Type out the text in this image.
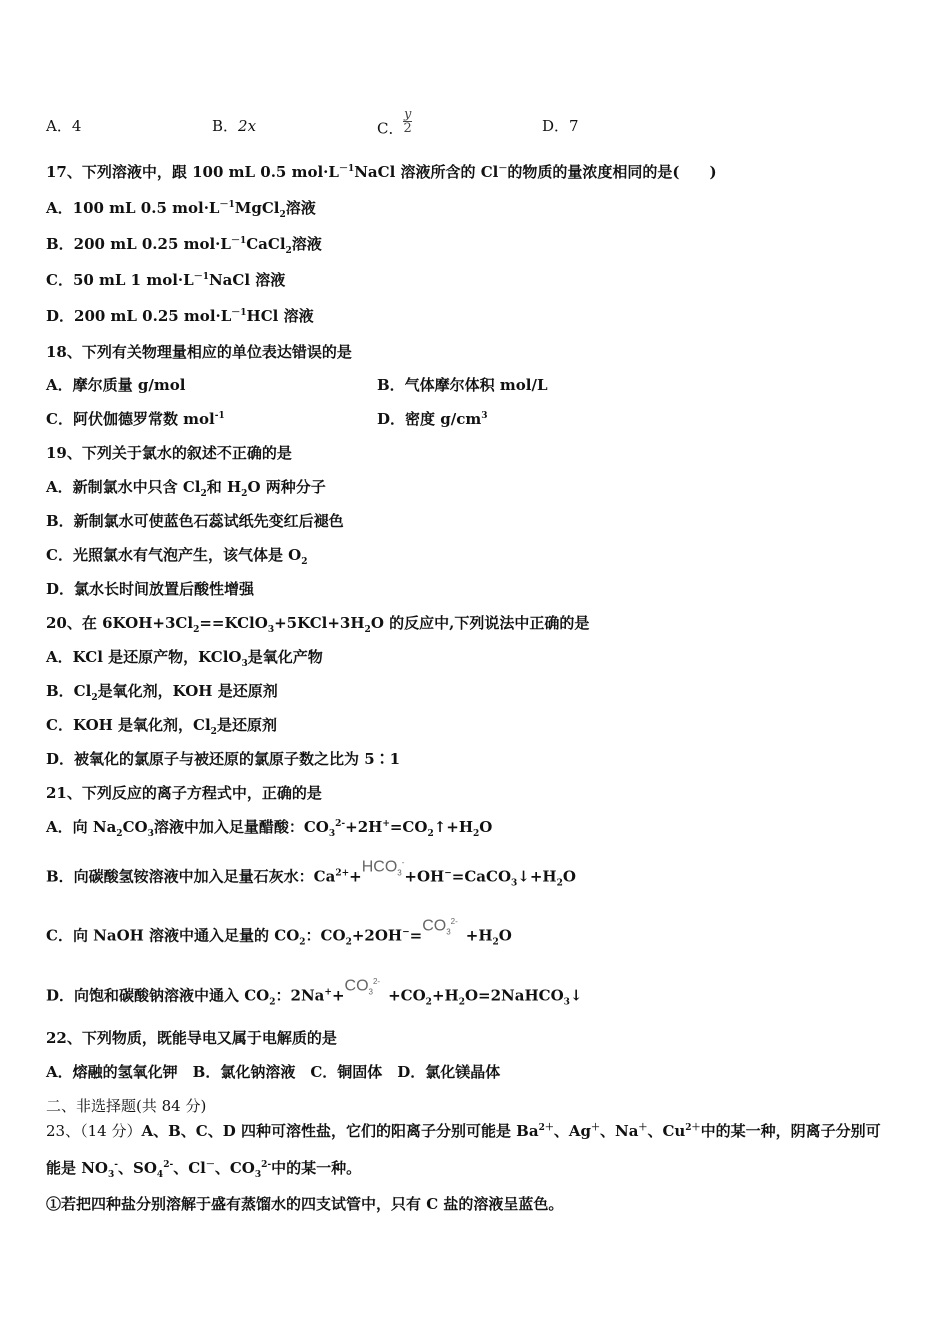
A．4	B．2x	C．$\frac{y}{2}$	D．7
17、下列溶液中，跟 100 mL 0.5 $mol\cdot L^{-1}NaCl$ 溶液所含的 Cl－的物质的量浓度相同的是(　　)
A．100 mL 0.5 $mol\cdot L^{-1}MgCl_2$溶液
B．200 mL 0.25 $mol\cdot L^{-1}CaCl_2$溶液
C．50 mL 1 $mol\cdot L^{-1}NaCl$ 溶液
D．200 mL 0.25 $mol\cdot L^{-1}HCl$ 溶液
18、下列有关物理量相应的单位表达错误的是
A．摩尔质量 g/mol	B．气体摩尔体积 mol/L
C．阿伏伽德罗常数 mol$^{-1}$	D．密度 $g/cm^3$
19、下列关于氯水的叙述不正确的是
A．新制氯水中只含 $Cl_2$和 $H_2O$ 两种分子
B．新制氯水可使蓝色石蕊试纸先变红后褪色
C．光照氯水有气泡产生，该气体是 $O_2$
D．氯水长时间放置后酸性增强
20、在 $6KOH+3Cl_2==KClO_3+5KCl+3H_2O$ 的反应中,下列说法中正确的是
A．KCl 是还原产物，KClO$_3$是氧化产物
B．$Cl_2$是氧化剂，KOH 是还原剂
C．KOH 是氧化剂，$Cl_2$是还原剂
D．被氧化的氯原子与被还原的氯原子数之比为 5∶1
21、下列反应的离子方程式中，正确的是
A．向 $Na_2CO_3$溶液中加入足量醋酸：$CO_3^{2-}+2H^+=CO_2↑+H_2O$
B．向碳酸氢铵溶液中加入足量石灰水：$Ca^{2+}+HCO_3^-+OH^-=CaCO_3↓+H_2O$
C．向 NaOH 溶液中通入足量的 $CO_2$：$CO_2+2OH^-=CO_3^{2-}+H_2O$
D．向饱和碳酸钠溶液中通入 $CO_2$：$2Na^++CO_3^{2-}+CO_2+H_2O=2NaHCO_3↓$
22、下列物质，既能导电又属于电解质的是
A．熔融的氢氧化钾　B．氯化钠溶液　C．铜固体　D．氯化镁晶体
二、非选择题(共 84 分)
23、（14 分）A、B、C、D 四种可溶性盐，它们的阳离子分别可能是 $Ba^{2+}$、Ag＋、Na＋、$Cu^{2+}$中的某一种，阴离子分别可
能是 $NO_3^-$、$SO_4^{2-}$、Cl－、$CO_3^{2-}$中的某一种。
①若把四种盐分别溶解于盛有蒸馏水的四支试管中，只有 C 盐的溶液呈蓝色。
